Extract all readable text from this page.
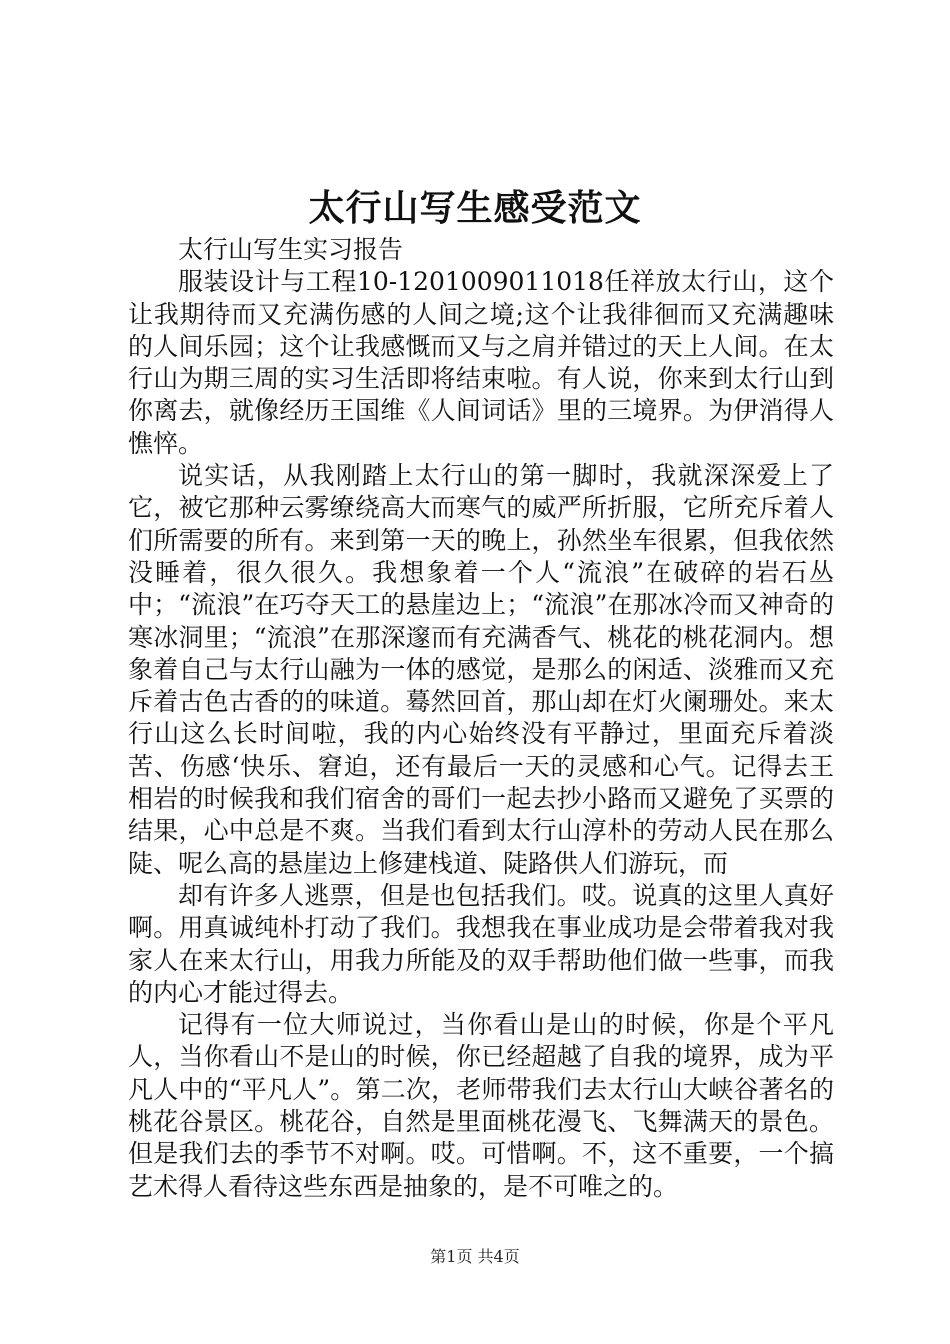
太行山写生感受范文

太行山写生实习报告

服装设计与工程10-1201009011018任祥放太行山，这个让我期待而又充满伤感的人间之境;这个让我徘徊而又充满趣味的人间乐园；这个让我感慨而又与之肩并错过的天上人间。在太行山为期三周的实习生活即将结束啦。有人说，你来到太行山到你离去，就像经历王国维《人间词话》里的三境界。为伊消得人憔悴。

说实话，从我刚踏上太行山的第一脚时，我就深深爱上了它，被它那种云雾缭绕高大而寒气的威严所折服，它所充斥着人们所需要的所有。来到第一天的晚上，孙然坐车很累，但我依然没睡着，很久很久。我想象着一个人“流浪”在破碎的岩石丛中；“流浪”在巧夺天工的悬崖边上；“流浪”在那冰冷而又神奇的寒冰洞里；“流浪”在那深邃而有充满香气、桃花的桃花洞内。想象着自己与太行山融为一体的感觉，是那么的闲适、淡雅而又充斥着古色古香的的味道。蓦然回首，那山却在灯火阑珊处。来太行山这么长时间啦，我的内心始终没有平静过，里面充斥着淡苦、伤感‘快乐、窘迫，还有最后一天的灵感和心气。记得去王相岩的时候我和我们宿舍的哥们一起去抄小路而又避免了买票的结果，心中总是不爽。当我们看到太行山淳朴的劳动人民在那么陡、呢么高的悬崖边上修建栈道、陡路供人们游玩，而

却有许多人逃票，但是也包括我们。哎。说真的这里人真好啊。用真诚纯朴打动了我们。我想我在事业成功是会带着我对我家人在来太行山，用我力所能及的双手帮助他们做一些事，而我的内心才能过得去。

记得有一位大师说过，当你看山是山的时候，你是个平凡人，当你看山不是山的时候，你已经超越了自我的境界，成为平凡人中的“平凡人”。第二次，老师带我们去太行山大峡谷著名的桃花谷景区。桃花谷，自然是里面桃花漫飞、飞舞满天的景色。但是我们去的季节不对啊。哎。可惜啊。不，这不重要，一个搞艺术得人看待这些东西是抽象的，是不可唯之的。

第1页 共4页
